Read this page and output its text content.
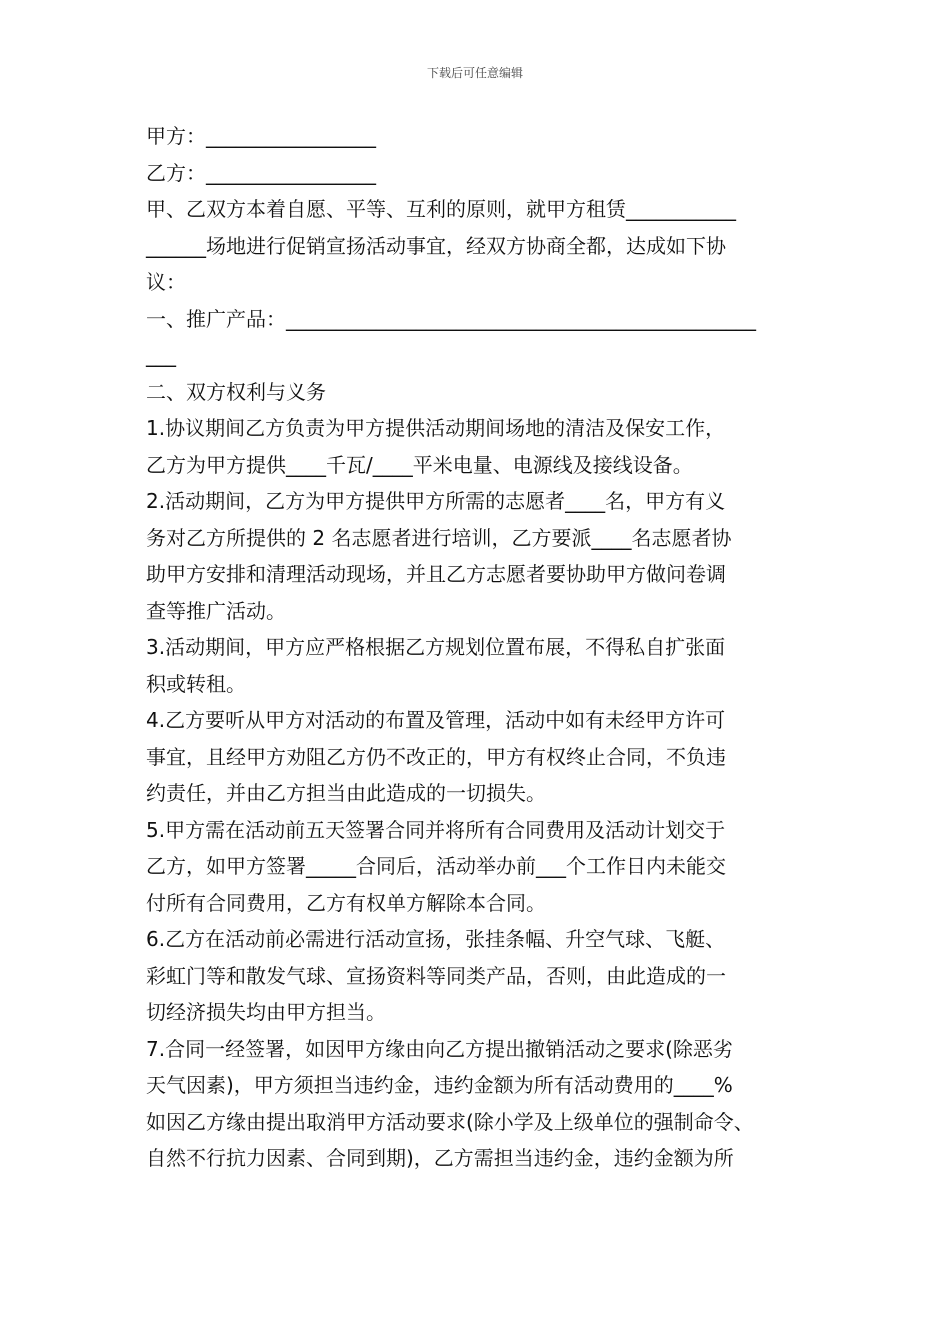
下载后可任意编辑

甲方：_________________

乙方：_________________

甲、乙双方本着自愿、平等、互利的原则，就甲方租赁___________

______场地进行促销宣扬活动事宜，经双方协商全都，达成如下协

议：

一、推广产品：_______________________________________________

___

二、双方权利与义务

1.协议期间乙方负责为甲方提供活动期间场地的清洁及保安工作，

乙方为甲方提供____千瓦/____平米电量、电源线及接线设备。

2.活动期间，乙方为甲方提供甲方所需的志愿者____名，甲方有义

务对乙方所提供的 2 名志愿者进行培训，乙方要派____名志愿者协

助甲方安排和清理活动现场，并且乙方志愿者要协助甲方做问卷调

查等推广活动。

3.活动期间，甲方应严格根据乙方规划位置布展，不得私自扩张面

积或转租。

4.乙方要听从甲方对活动的布置及管理，活动中如有未经甲方许可

事宜，且经甲方劝阻乙方仍不改正的，甲方有权终止合同，不负违

约责任，并由乙方担当由此造成的一切损失。

5.甲方需在活动前五天签署合同并将所有合同费用及活动计划交于

乙方，如甲方签署_____合同后，活动举办前___个工作日内未能交

付所有合同费用，乙方有权单方解除本合同。

6.乙方在活动前必需进行活动宣扬，张挂条幅、升空气球、飞艇、

彩虹门等和散发气球、宣扬资料等同类产品，否则，由此造成的一

切经济损失均由甲方担当。

7.合同一经签署，如因甲方缘由向乙方提出撤销活动之要求(除恶劣

天气因素)，甲方须担当违约金，违约金额为所有活动费用的____%

如因乙方缘由提出取消甲方活动要求(除小学及上级单位的强制命令、

自然不行抗力因素、合同到期)，乙方需担当违约金，违约金额为所
